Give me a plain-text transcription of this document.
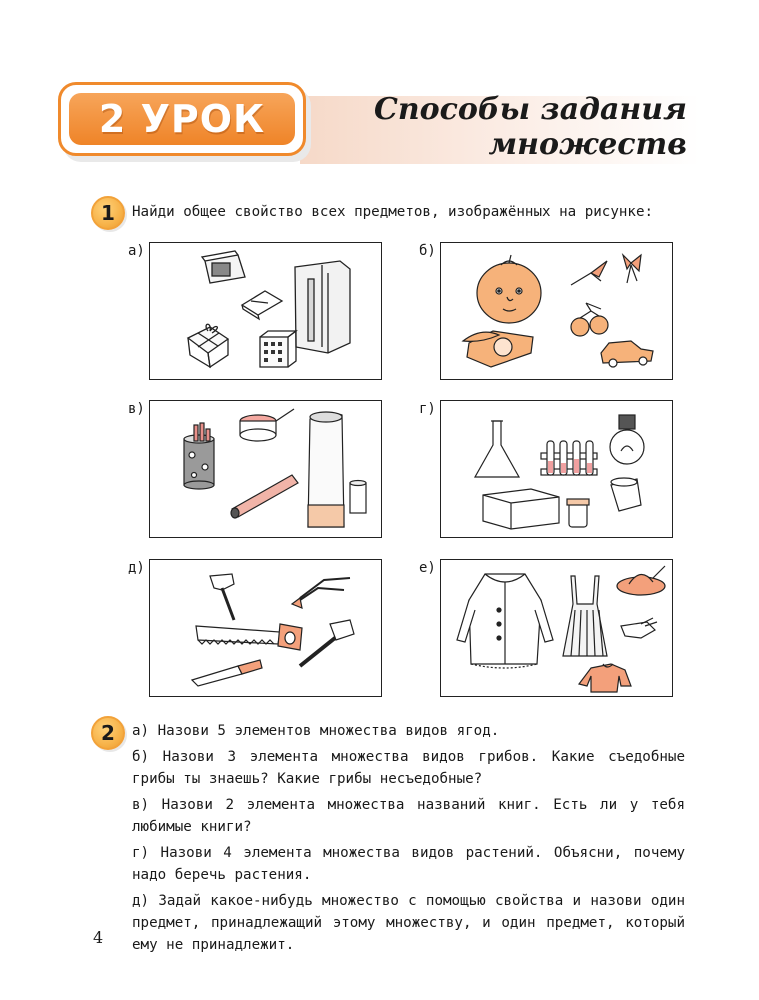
2 УРОК	Способы задания
множеств
1	Найди общее свойство всех предметов, изображённых на рисунке:
а)	б)
в)	г)
д)	е)
2	а) Назови 5 элементов множества видов ягод.

б) Назови 3 элемента множества видов грибов. Какие съедобные грибы ты знаешь? Какие грибы несъедобные?

в) Назови 2 элемента множества названий книг. Есть ли у тебя любимые книги?

г) Назови 4 элемента множества видов растений. Объясни, почему надо беречь растения.

д) Задай какое-нибудь множество с помощью свойства и назови один предмет, принадлежащий этому множеству, и один предмет, который ему не принадлежит.

4
